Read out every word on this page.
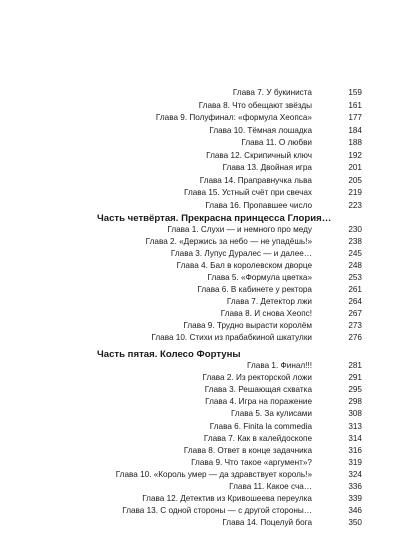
Глава 7. У букиниста	159
Глава 8. Что обещают звёзды	161
Глава 9. Полуфинал: «формула Хеопса»	177
Глава 10. Тёмная лошадка	184
Глава 11. О любви	188
Глава 12. Скрипичный ключ	192
Глава 13. Двойная игра	201
Глава 14. Праправнучка льва	205
Глава 15. Устный счёт при свечах	219
Глава 16. Пропавшее число	223
Часть четвёртая. Прекрасна принцесса Глория…
Глава 1. Слухи — и немного про меду	230
Глава 2. «Держись за небо — не упадёшь!»	238
Глава 3. Лупус Дуралес — и далее…	245
Глава 4. Бал в королевском дворце	248
Глава 5. «Формула цветка»	253
Глава 6. В кабинете у ректора	261
Глава 7. Детектор лжи	264
Глава 8. И снова Хеопс!	267
Глава 9. Трудно вырасти королём	273
Глава 10. Стихи из прабабкиной шкатулки	276
Часть пятая. Колесо Фортуны
Глава 1. Финал!!!	281
Глава 2. Из ректорской ложи	291
Глава 3. Решающая схватка	295
Глава 4. Игра на поражение	298
Глава 5. За кулисами	308
Глава 6. Finita la commedia	313
Глава 7. Как в калейдоскопе	314
Глава 8. Ответ в конце задачника	316
Глава 9. Что такое «аргумент»?	319
Глава 10. «Король умер — да здравствует король!»	324
Глава 11. Какое сча…	336
Глава 12. Детектив из Кривошеева переулка	339
Глава 13. С одной стороны — с другой стороны…	346
Глава 14. Поцелуй бога	350
